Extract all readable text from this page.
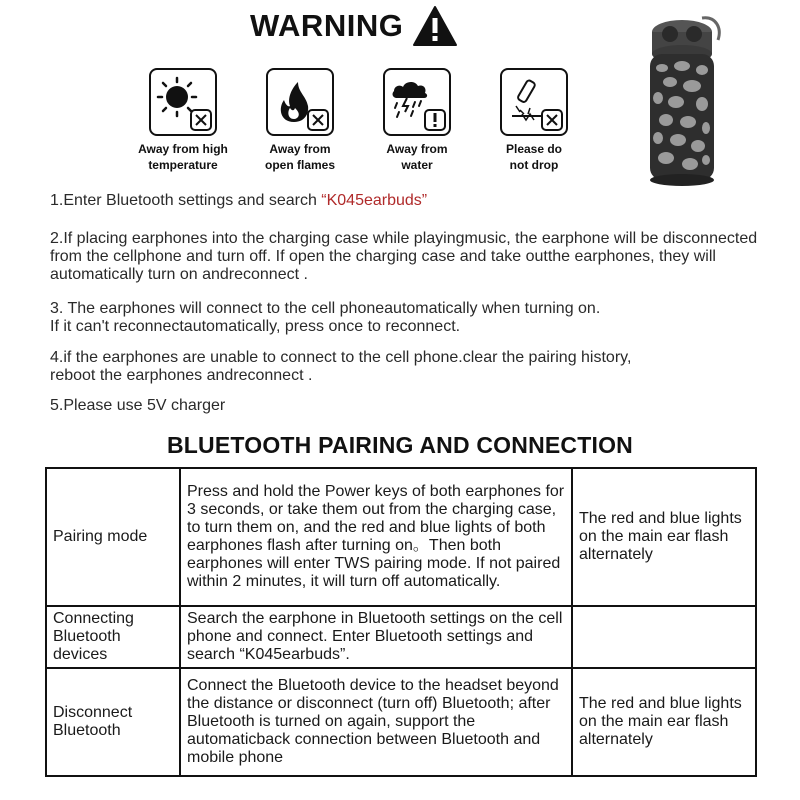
WARNING
Away from high
temperature
Away from
open flames
Away from
water
Please do
not drop

1.Enter Bluetooth settings and search “K045earbuds”

2.If placing earphones into the charging case while playingmusic, the earphone will be disconnected from the cellphone and turn off. If open the charging case and take outthe earphones, they will automatically turn on andreconnect .

3. The earphones will connect to the cell phoneautomatically when turning on.
If it can't reconnectautomatically, press once to reconnect.
4.if the earphones are unable to connect to the cell phone.clear the pairing history,
reboot the earphones andreconnect .

5.Please use 5V charger

BLUETOOTH PAIRING AND CONNECTION
Pairing mode	Press and hold the Power keys of both earphones for 3 seconds, or take them out from the charging case, to turn them on, and the red and blue lights of both earphones flash after turning on。Then both earphones will enter TWS pairing mode. If not paired within 2 minutes, it will turn off automatically.	The red and blue lights on the main ear flash alternately
Connecting Bluetooth devices	Search the earphone in Bluetooth settings on the cell phone and connect. Enter Bluetooth settings and search “K045earbuds”.	
Disconnect Bluetooth	Connect the Bluetooth device to the headset beyond the distance or disconnect (turn off) Bluetooth; after Bluetooth is turned on again, support the automaticback connection between Bluetooth and mobile phone	The red and blue lights on the main ear flash alternately
